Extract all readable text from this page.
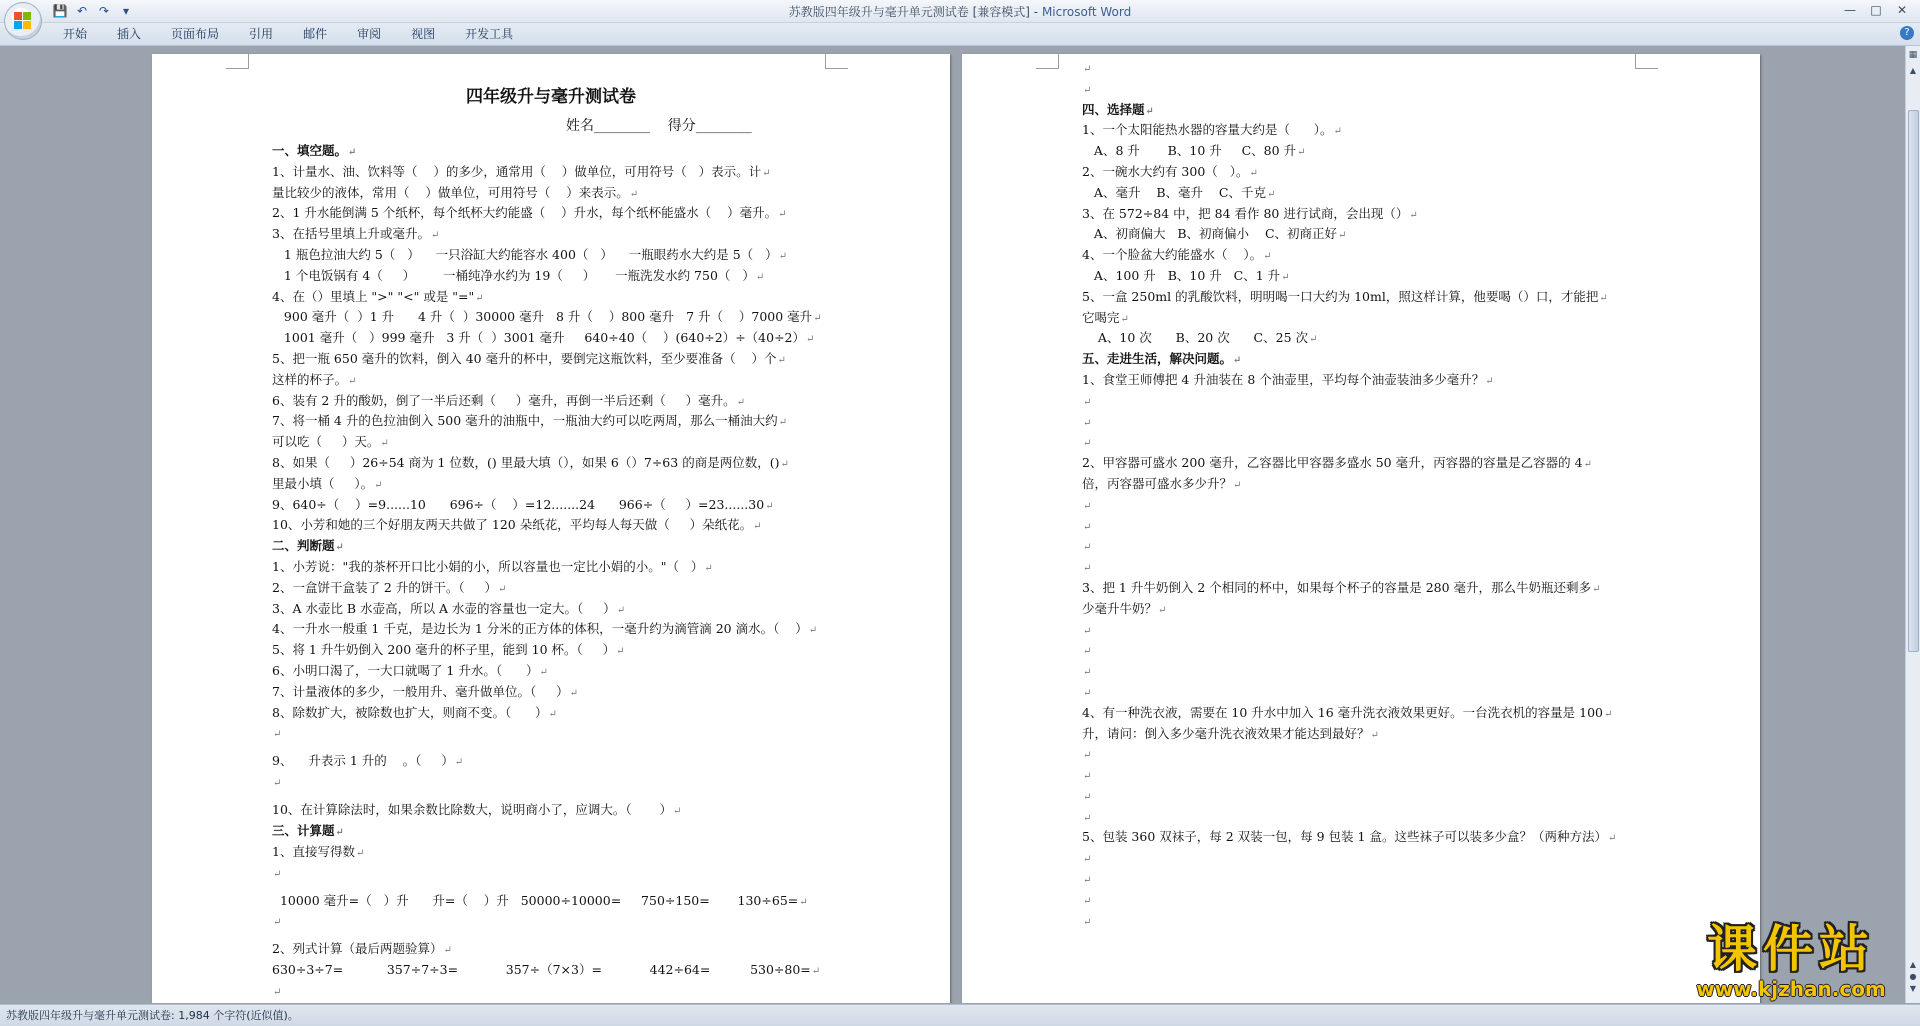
💾 ↶ ↷	▾	苏教版四年级升与毫升单元测试卷 [兼容模式] - Microsoft Word	—	□	✕
开始	插入	页面布局	引用	邮件	审阅	视图	开发工具	?
四年级升与毫升测试卷
姓名________    得分________
一、填空题。↵
1、计量水、油、饮料等（    ）的多少，通常用（    ）做单位，可用符号（   ）表示。计↵
量比较少的液体，常用（    ）做单位，可用符号（    ）来表示。↵
2、1 升水能倒满 5 个纸杯，每个纸杯大约能盛（    ）升水，每个纸杯能盛水（    ）毫升。↵
3、在括号里填上升或毫升。↵
1 瓶色拉油大约 5（   ）    一只浴缸大约能容水 400（   ）    一瓶眼药水大约是 5（   ）↵
1 个电饭锅有 4（     ）       一桶纯净水约为 19（     ）     一瓶洗发水约 750（   ）↵
4、在（）里填上 ">" "<" 或是 "="↵
900 毫升（  ）1 升      4 升（  ）30000 毫升   8 升（    ）800 毫升   7 升（    ）7000 毫升↵
1001 毫升（   ）999 毫升   3 升（  ）3001 毫升     640÷40（    ）(640÷2）÷（40÷2）↵
5、把一瓶 650 毫升的饮料，倒入 40 毫升的杯中，要倒完这瓶饮料，至少要准备（    ）个↵
这样的杯子。↵
6、装有 2 升的酸奶，倒了一半后还剩（     ）毫升，再倒一半后还剩（     ）毫升。↵
7、将一桶 4 升的色拉油倒入 500 毫升的油瓶中，一瓶油大约可以吃两周，那么一桶油大约↵
可以吃（     ）天。↵
8、如果（     ）26÷54 商为 1 位数，() 里最大填（），如果 6（）7÷63 的商是两位数，()↵
里最小填（     ）。↵
9、640÷（    ）=9......10      696÷（    ）=12.......24      966÷（     ）=23......30↵
10、小芳和她的三个好朋友两天共做了 120 朵纸花，平均每人每天做（     ）朵纸花。↵
二、判断题↵
1、小芳说："我的茶杯开口比小娟的小，所以容量也一定比小娟的小。"（   ）↵
2、一盒饼干盒装了 2 升的饼干。（     ）↵
3、A 水壶比 B 水壶高，所以 A 水壶的容量也一定大。（     ）↵
4、一升水一般重 1 千克，是边长为 1 分米的正方体的体积，一毫升约为滴管滴 20 滴水。（    ）↵
5、将 1 升牛奶倒入 200 毫升的杯子里，能到 10 杯。（     ）↵
6、小明口渴了，一大口就喝了 1 升水。（      ）↵
7、计量液体的多少，一般用升、毫升做单位。（     ）↵
8、除数扩大，被除数也扩大，则商不变。（      ）↵
↵
9、    升表示 1 升的    。（     ）↵
↵
10、在计算除法时，如果余数比除数大，说明商小了，应调大。（       ）↵
三、计算题↵
1、直接写得数↵
↵
10000 毫升=（   ）升      升=（    ）升   50000÷10000=     750÷150=       130÷65=↵
↵
2、列式计算（最后两题验算）↵
630÷3÷7=           357÷7÷3=            357÷（7×3）=            442÷64=          530÷80=↵
↵
↵
↵
四、选择题↵
1、一个太阳能热水器的容量大约是（      ）。↵
A、8 升       B、10 升     C、80 升↵
2、一碗水大约有 300（   ）。↵
A、毫升    B、毫升    C、千克↵
3、在 572÷84 中，把 84 看作 80 进行试商，会出现（）↵
A、初商偏大   B、初商偏小    C、初商正好↵
4、一个脸盆大约能盛水（    ）。↵
A、100 升   B、10 升   C、1 升↵
5、一盒 250ml 的乳酸饮料，明明喝一口大约为 10ml，照这样计算，他要喝（）口，才能把↵
它喝完↵
A、10 次      B、20 次      C、25 次↵
五、走进生活，解决问题。↵
1、食堂王师傅把 4 升油装在 8 个油壶里，平均每个油壶装油多少毫升？↵
↵
↵
↵
2、甲容器可盛水 200 毫升，乙容器比甲容器多盛水 50 毫升，丙容器的容量是乙容器的 4↵
倍，丙容器可盛水多少升？↵
↵
↵
↵
↵
3、把 1 升牛奶倒入 2 个相同的杯中，如果每个杯子的容量是 280 毫升，那么牛奶瓶还剩多↵
少毫升牛奶？↵
↵
↵
↵
↵
4、有一种洗衣液，需要在 10 升水中加入 16 毫升洗衣液效果更好。一台洗衣机的容量是 100↵
升，请问：倒入多少毫升洗衣液效果才能达到最好？↵
↵
↵
↵
↵
5、包装 360 双袜子，每 2 双装一包，每 9 包装 1 盒。这些袜子可以装多少盒？（两种方法）↵
↵
↵
↵
↵
▦
▲
▲
●
▼
课件站
www.kjzhan.com
苏教版四年级升与毫升单元测试卷: 1,984 个字符(近似值)。
